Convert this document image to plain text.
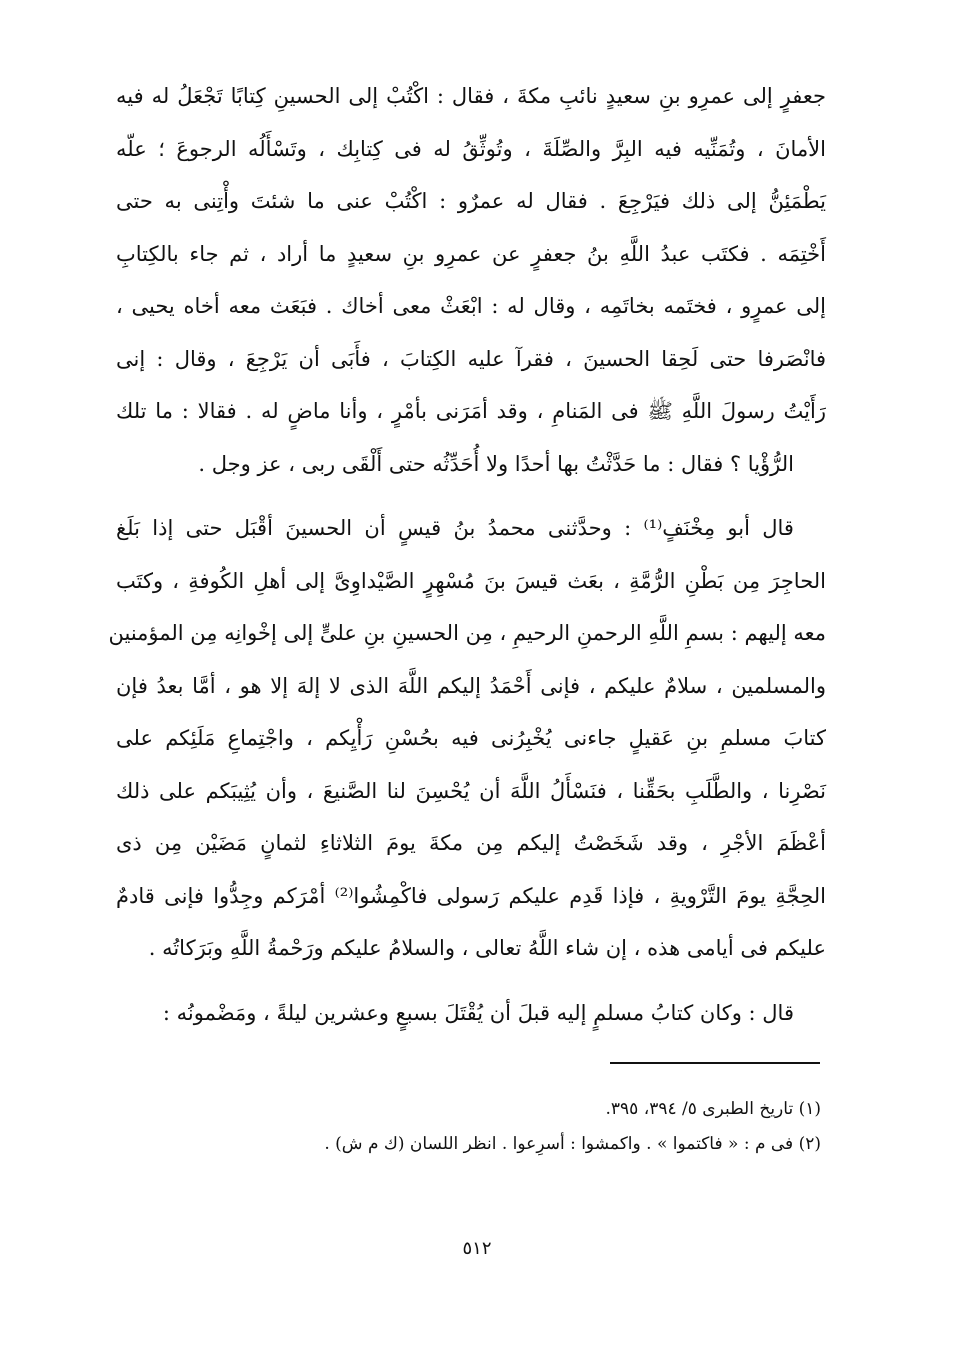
جعفرٍ إلى عمرِو بنِ سعيدٍ نائبِ مكةَ ، فقال : اكْتُبْ إلى الحسينِ كِتابًا تَجْعَلُ له فيه
الأمانَ ، وتُمَنِّيه فيه البِرَّ والصِّلَةَ ، وتُوثِّقُ له فى كِتابِك ، وتَسْأَلُه الرجوعَ ؛ علّه
يَطْمَئِنُّ إلى ذلك فيَرْجِعَ . فقال له عمرٌو : اكْتُبْ عنى ما شئتَ وأْتِنى به حتى
أَخْتِمَه . فكتَب عبدُ اللَّهِ بنُ جعفرٍ عن عمرِو بنِ سعيدٍ ما أراد ، ثم جاء بالكِتابِ
إلى عمرٍو ، فختَمه بخاتَمِه ، وقال له : ابْعَثْ معى أخاك . فبَعَث معه أخاه يحيى ،
فانْصَرفا حتى لَحِقا الحسينَ ، فقرآ عليه الكِتابَ ، فأَبَى أن يَرْجِعَ ، وقال : إنى
رَأَيْتُ رسولَ اللَّهِ ﷺ فى المَنامِ ، وقد أمَرَنى بأمْرٍ ، وأنا ماضٍ له . فقالا : ما تلك
الرُّؤْيا ؟ فقال : ما حَدَّثْتُ بها أحدًا ولا أُحَدِّثُه حتى أَلْقَى ربى ، عز وجل .
قال أبو مِخْنَفٍ⁽¹⁾ : وحدَّثنى محمدُ بنُ قيسٍ أن الحسينَ أقْبَل حتى إذا بَلَغ
الحاجِرَ مِن بَطْنِ الرُّمَّةِ ، بعَث قيسَ بنَ مُسْهِرٍ الصَّيْداوِىَّ إلى أهلِ الكُوفةِ ، وكتَب
معه إليهم : بسمِ اللَّهِ الرحمنِ الرحيمِ ، مِن الحسينِ بنِ علىٍّ إلى إخْوانِه مِن المؤمنين
والمسلمين ، سلامٌ عليكم ، فإنى أَحْمَدُ إليكم اللَّهَ الذى لا إلهَ إلا هو ، أمَّا بعدُ فإن
كتابَ مسلمِ بنِ عَقيلٍ جاءنى يُخْبِرُنى فيه بحُسْنِ رَأْيِكم ، واجْتِماعِ مَلَئِكم على
نَصْرِنا ، والطَّلَبِ بحَقِّنا ، فنَسْأَلُ اللَّهَ أن يُحْسِنَ لنا الصَّنيعَ ، وأن يُثِيبَكم على ذلك
أعْظَمَ الأجْرِ ، وقد شَخَصْتُ إليكم مِن مكةَ يومَ الثلاثاءِ لثمانٍ مَضَيْن مِن ذى
الحِجَّةِ يومَ التَّرْويةِ ، فإذا قَدِم عليكم رَسولى فاكْمِشُوا⁽²⁾ أمْرَكم وجِدُّوا فإنى قادمٌ
عليكم فى أيامى هذه ، إن شاء اللَّهُ تعالى ، والسلامُ عليكم ورَحْمةُ اللَّهِ وبَرَكاتُه .
قال : وكان كتابُ مسلمٍ إليه قبلَ أن يُقْتَلَ بسبعٍ وعشرين ليلةً ، ومَضْمونُه :
(١) تاريخ الطبرى ٥/ ٣٩٤، ٣٩٥.
(٢) فى م : « فاكتموا » . واكمشوا : أسرِعوا . انظر اللسان (ك م ش) .
٥١٢
